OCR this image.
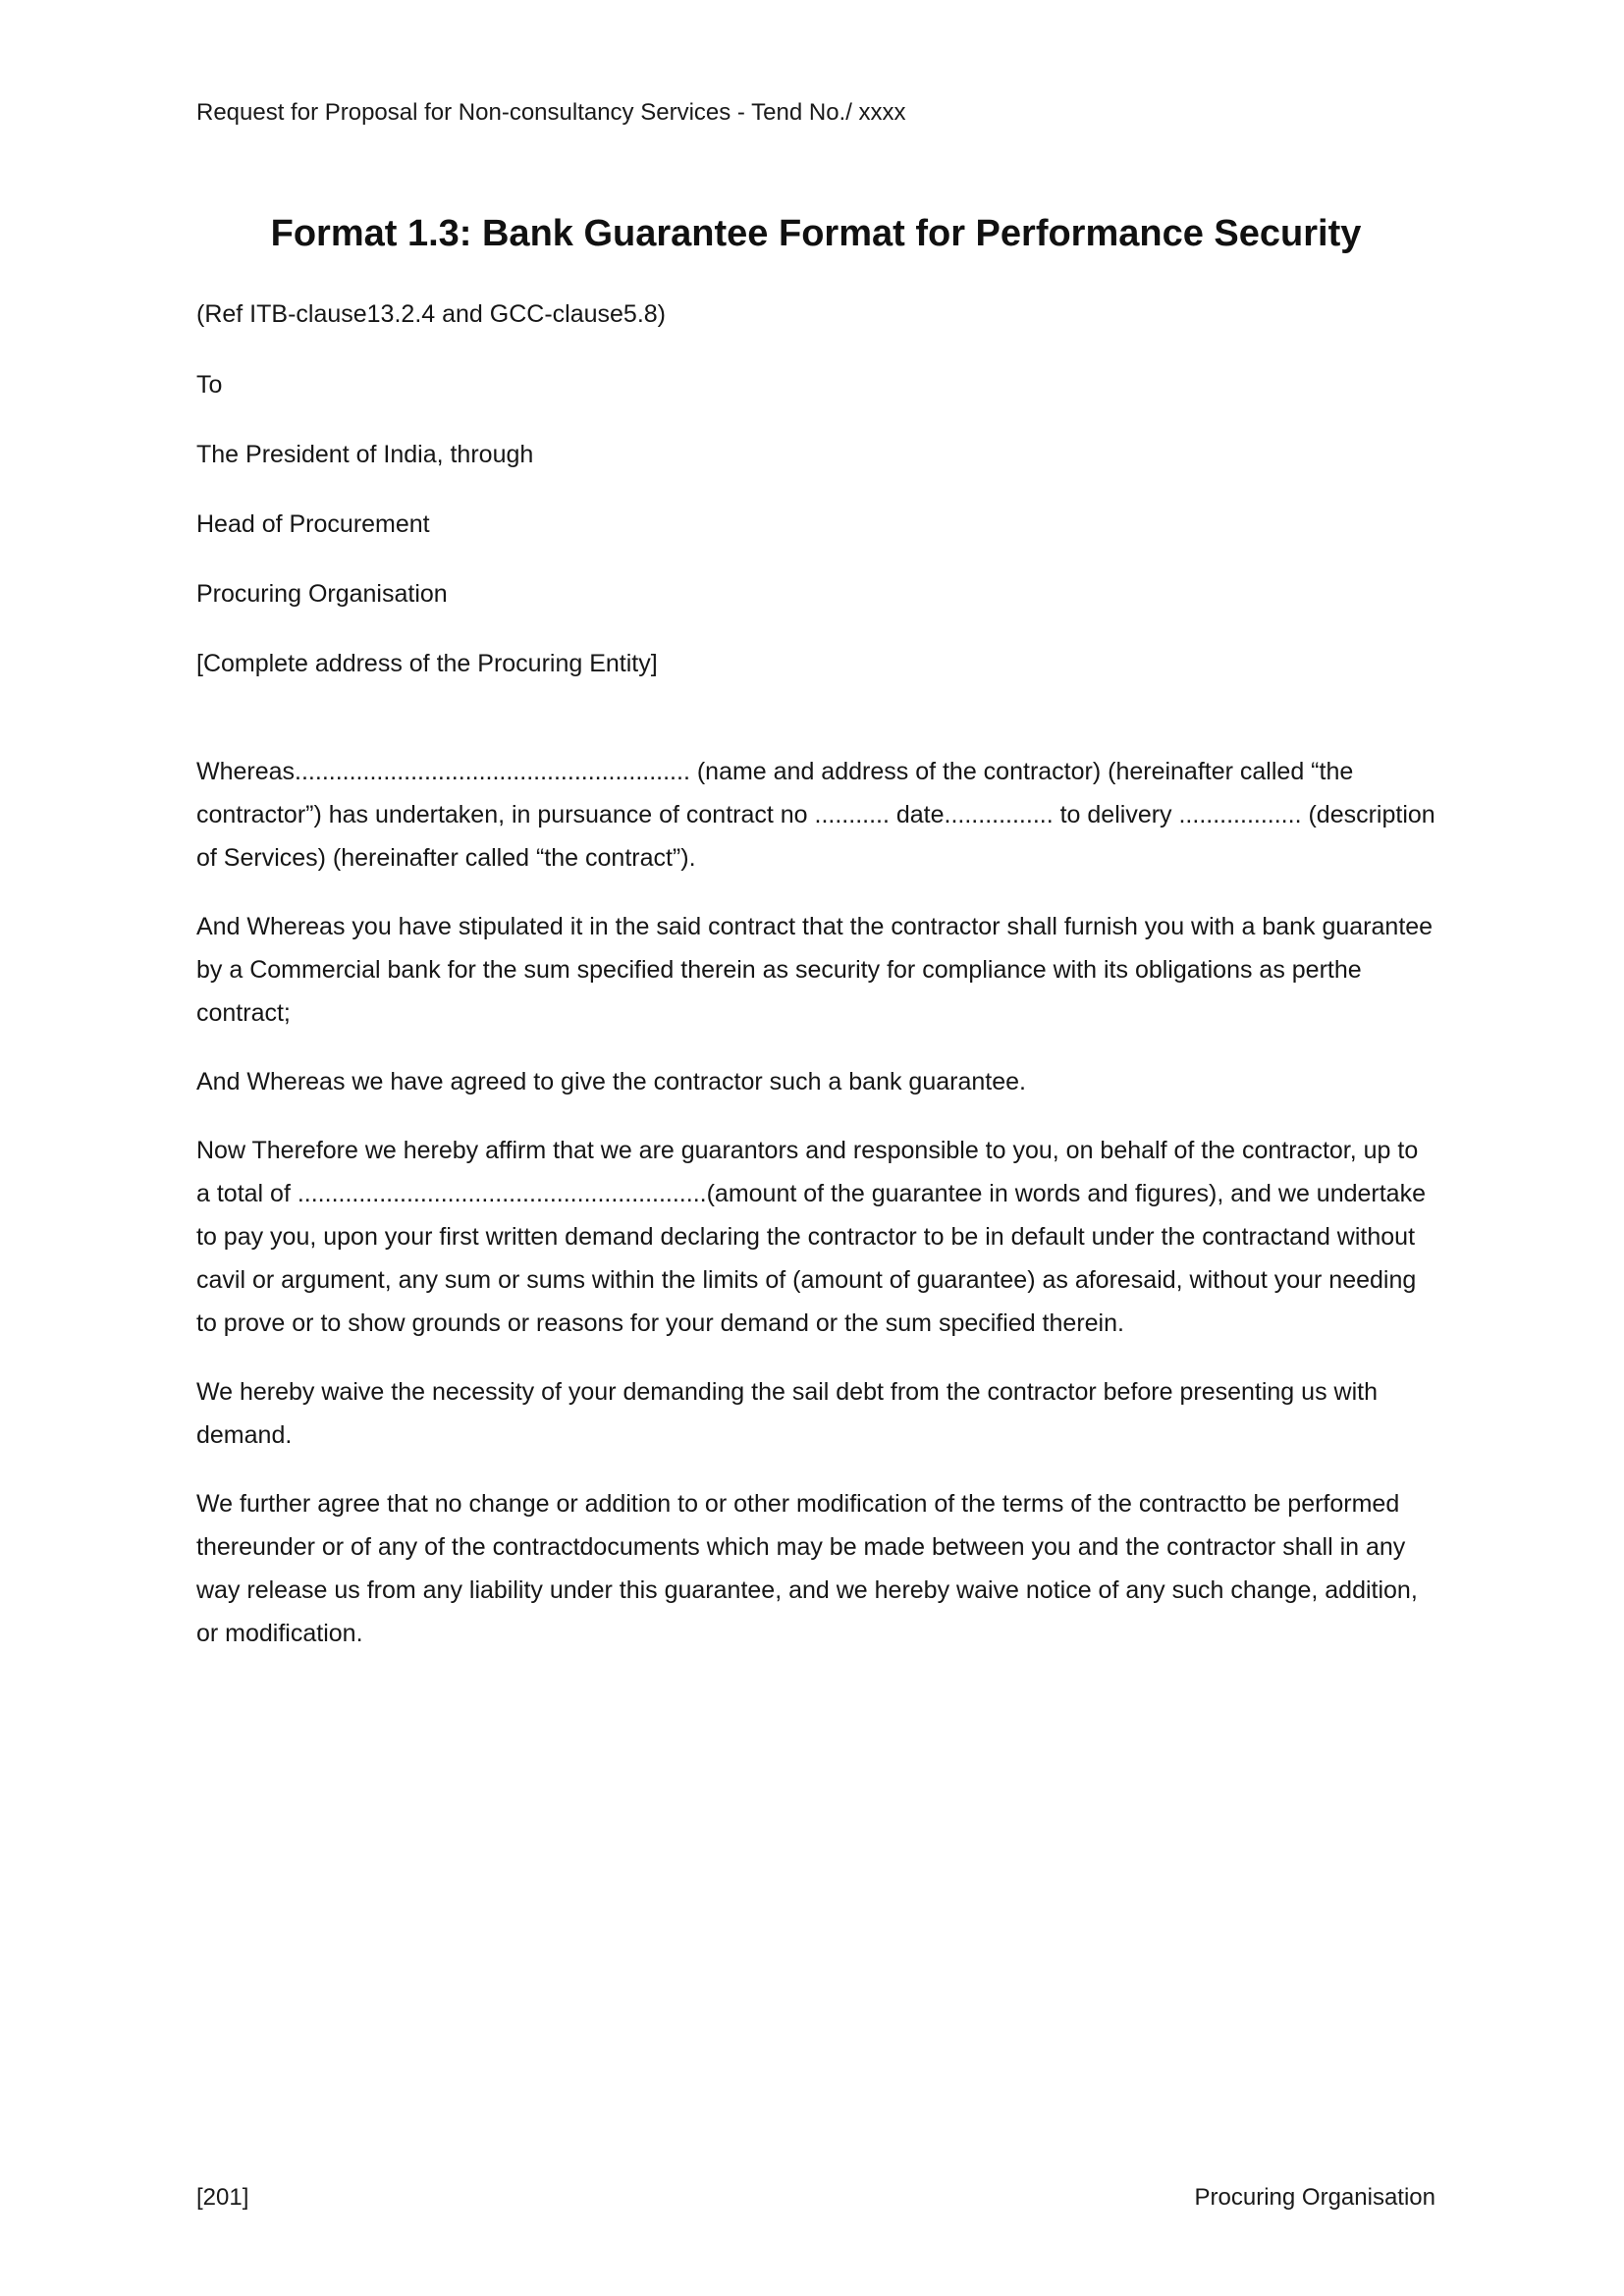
Request for Proposal for Non-consultancy Services - Tend No./ xxxx
Format 1.3: Bank Guarantee Format for Performance Security

(Ref ITB-clause13.2.4 and GCC-clause5.8)

To

The President of India, through

Head of Procurement

Procuring Organisation

[Complete address of the Procuring Entity]

Whereas.......................................................... (name and address of the contractor) (hereinafter called “the contractor”) has undertaken, in pursuance of contract no ........... date................ to delivery .................. (description of Services) (hereinafter called “the contract”).

And Whereas you have stipulated it in the said contract that the contractor shall furnish you with a bank guarantee by a Commercial bank for the sum specified therein as security for compliance with its obligations as perthe contract;

And Whereas we have agreed to give the contractor such a bank guarantee.

Now Therefore we hereby affirm that we are guarantors and responsible to you, on behalf of the contractor, up to a total of ............................................................(amount of the guarantee in words and figures), and we undertake to pay you, upon your first written demand declaring the contractor to be in default under the contractand without cavil or argument, any sum or sums within the limits of (amount of guarantee) as aforesaid, without your needing to prove or to show grounds or reasons for your demand or the sum specified therein.

We hereby waive the necessity of your demanding the sail debt from the contractor before presenting us with demand.

We further agree that no change or addition to or other modification of the terms of the contractto be performed thereunder or of any of the contractdocuments which may be made between you and the contractor shall in any way release us from any liability under this guarantee, and we hereby waive notice of any such change, addition, or modification.

[201]	Procuring Organisation
